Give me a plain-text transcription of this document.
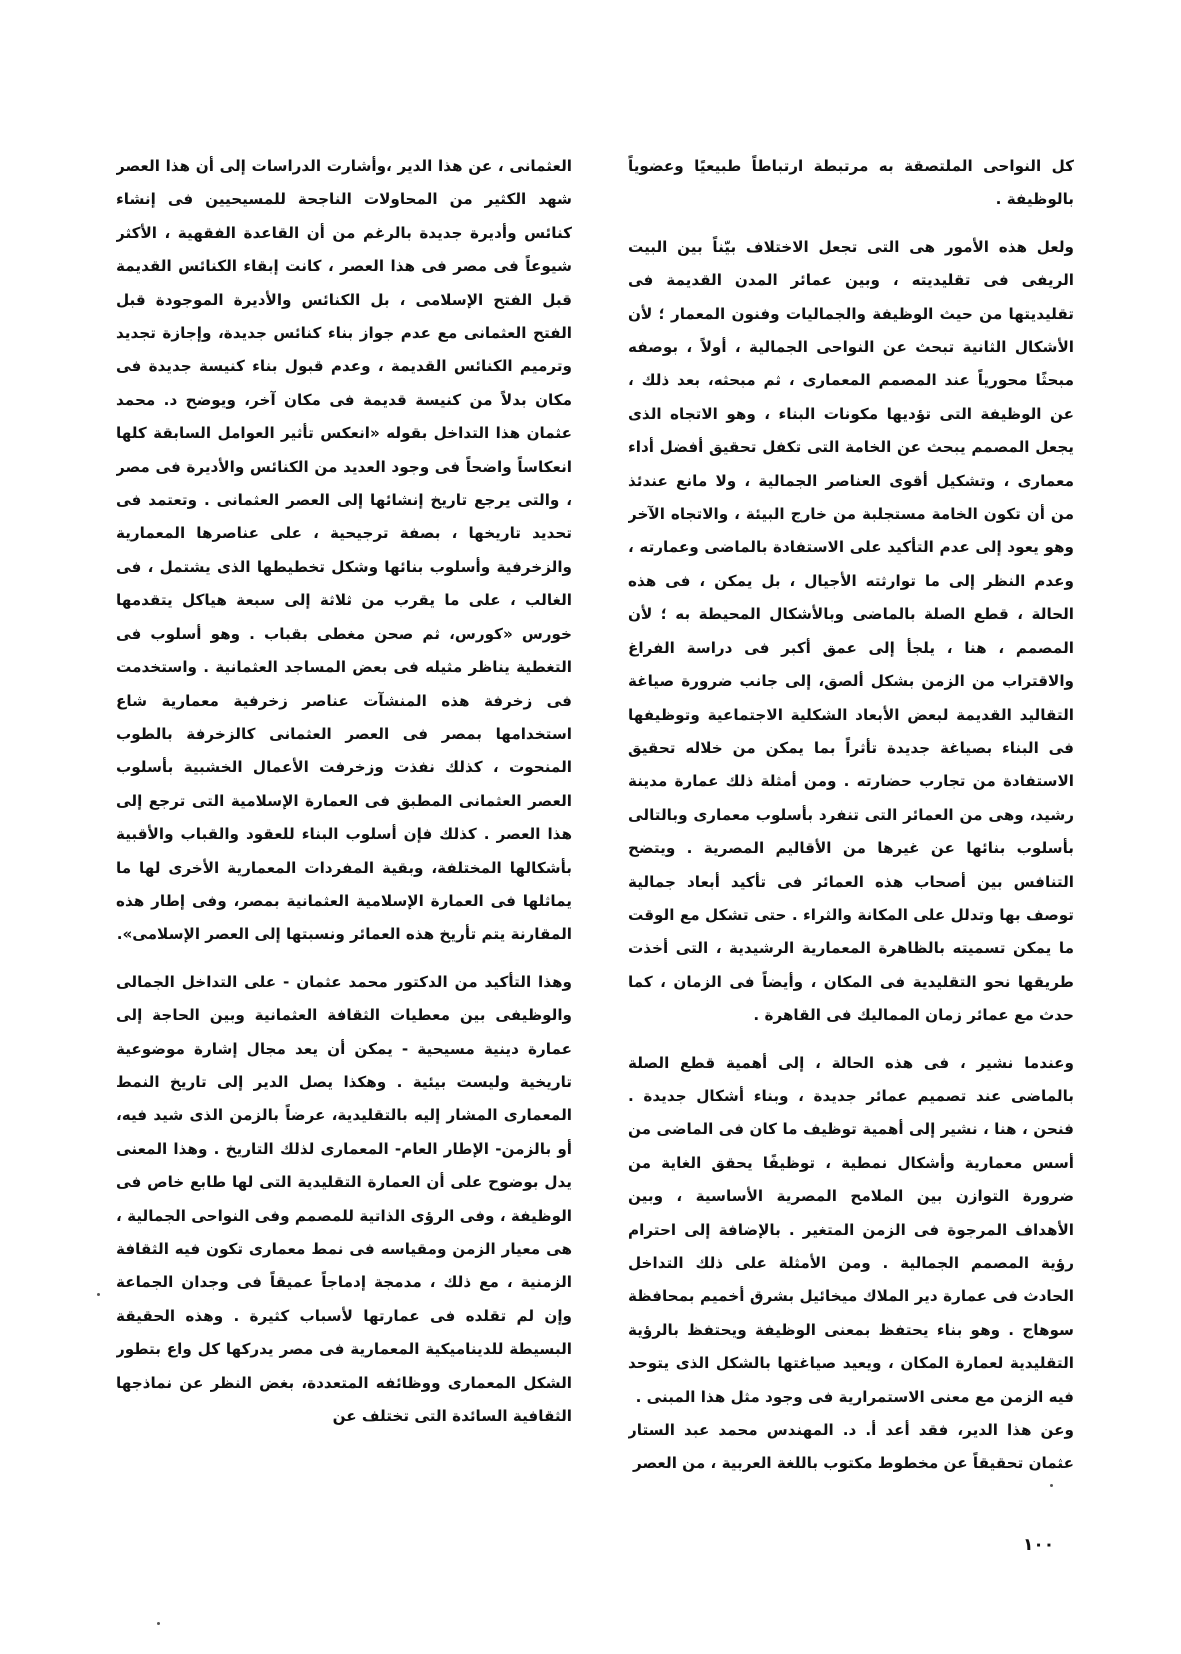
كل النواحى الملتصقة به مرتبطة ارتباطاً طبيعيًا وعضوياً بالوظيفة .

ولعل هذه الأمور هى التى تجعل الاختلاف بيّناً بين البيت الريفى فى تقليديته ، وبين عمائر المدن القديمة فى تقليديتها من حيث الوظيفة والجماليات وفنون المعمار ؛ لأن الأشكال الثانية تبحث عن النواحى الجمالية ، أولاً ، بوصفه مبحثًا محورياً عند المصمم المعمارى ، ثم مبحثه، بعد ذلك ، عن الوظيفة التى تؤديها مكونات البناء ، وهو الاتجاه الذى يجعل المصمم يبحث عن الخامة التى تكفل تحقيق أفضل أداء معمارى ، وتشكيل أقوى العناصر الجمالية ، ولا مانع عندئذ من أن تكون الخامة مستجلبة من خارج البيئة ، والاتجاه الآخر وهو يعود إلى عدم التأكيد على الاستفادة بالماضى وعمارته ، وعدم النظر إلى ما توارثته الأجيال ، بل يمكن ، فى هذه الحالة ، قطع الصلة بالماضى وبالأشكال المحيطة به ؛ لأن المصمم ، هنا ، يلجأ إلى عمق أكبر فى دراسة الفراغ والاقتراب من الزمن بشكل ألصق، إلى جانب ضرورة صياغة التقاليد القديمة لبعض الأبعاد الشكلية الاجتماعية وتوظيفها فى البناء بصياغة جديدة تأثراً بما يمكن من خلاله تحقيق الاستفادة من تجارب حضارته . ومن أمثلة ذلك عمارة مدينة رشيد، وهى من العمائر التى تنفرد بأسلوب معمارى وبالتالى بأسلوب بنائها عن غيرها من الأقاليم المصرية . ويتضح التنافس بين أصحاب هذه العمائر فى تأكيد أبعاد جمالية توصف بها وتدلل على المكانة والثراء . حتى تشكل مع الوقت ما يمكن تسميته بالظاهرة المعمارية الرشيدية ، التى أخذت طريقها نحو التقليدية فى المكان ، وأيضاً فى الزمان ، كما حدث مع عمائر زمان المماليك فى القاهرة .

وعندما نشير ، فى هذه الحالة ، إلى أهمية قطع الصلة بالماضى عند تصميم عمائر جديدة ، وبناء أشكال جديدة . فنحن ، هنا ، نشير إلى أهمية توظيف ما كان فى الماضى من أسس معمارية وأشكال نمطية ، توظيفًا يحقق الغاية من ضرورة التوازن بين الملامح المصرية الأساسية ، وبين الأهداف المرجوة فى الزمن المتغير . بالإضافة إلى احترام رؤية المصمم الجمالية . ومن الأمثلة على ذلك التداخل الحادث فى عمارة دير الملاك ميخائيل بشرق أخميم بمحافظة سوهاج . وهو بناء يحتفظ بمعنى الوظيفة ويحتفظ بالرؤية التقليدية لعمارة المكان ، ويعيد صياغتها بالشكل الذى يتوحد فيه الزمن مع معنى الاستمرارية فى وجود مثل هذا المبنى .

وعن هذا الدير، فقد أعد أ. د. المهندس محمد عبد الستار عثمان تحقيقاً عن مخطوط مكتوب باللغة العربية ، من العصر

العثمانى ، عن هذا الدير ،وأشارت الدراسات إلى أن هذا العصر شهد الكثير من المحاولات الناجحة للمسيحيين فى إنشاء كنائس وأديرة جديدة بالرغم من أن القاعدة الفقهية ، الأكثر شيوعاً فى مصر فى هذا العصر ، كانت إبقاء الكنائس القديمة قبل الفتح الإسلامى ، بل الكنائس والأديرة الموجودة قبل الفتح العثمانى مع عدم جواز بناء كنائس جديدة، وإجازة تجديد وترميم الكنائس القديمة ، وعدم قبول بناء كنيسة جديدة فى مكان بدلاً من كنيسة قديمة فى مكان آخر، ويوضح د. محمد عثمان هذا التداخل بقوله «انعكس تأثير العوامل السابقة كلها انعكاساً واضحاً فى وجود العديد من الكنائس والأديرة فى مصر ، والتى يرجع تاريخ إنشائها إلى العصر العثمانى . وتعتمد فى تحديد تاريخها ، بصفة ترجيحية ، على عناصرها المعمارية والزخرفية وأسلوب بنائها وشكل تخطيطها الذى يشتمل ، فى الغالب ، على ما يقرب من ثلاثة إلى سبعة هياكل يتقدمها خورس «كورس، ثم صحن مغطى بقباب . وهو أسلوب فى التغطية يناظر مثيله فى بعض المساجد العثمانية . واستخدمت فى زخرفة هذه المنشآت عناصر زخرفية معمارية شاع استخدامها بمصر فى العصر العثمانى كالزخرفة بالطوب المنحوت ، كذلك نفذت وزخرفت الأعمال الخشبية بأسلوب العصر العثمانى المطبق فى العمارة الإسلامية التى ترجع إلى هذا العصر . كذلك فإن أسلوب البناء للعقود والقباب والأقبية بأشكالها المختلفة، وبقية المفردات المعمارية الأخرى لها ما يماثلها فى العمارة الإسلامية العثمانية بمصر، وفى إطار هذه المقارنة يتم تأريخ هذه العمائر ونسبتها إلى العصر الإسلامى».

وهذا التأكيد من الدكتور محمد عثمان - على التداخل الجمالى والوظيفى بين معطيات الثقافة العثمانية وبين الحاجة إلى عمارة دينية مسيحية - يمكن أن يعد مجال إشارة موضوعية تاريخية وليست بيئية . وهكذا يصل الدير إلى تاريخ النمط المعمارى المشار إليه بالتقليدية، عرضاً بالزمن الذى شيد فيه، أو بالزمن- الإطار العام- المعمارى لذلك التاريخ . وهذا المعنى يدل بوضوح على أن العمارة التقليدية التى لها طابع خاص فى الوظيفة ، وفى الرؤى الذاتية للمصمم وفى النواحى الجمالية ، هى معيار الزمن ومقياسه فى نمط معمارى تكون فيه الثقافة الزمنية ، مع ذلك ، مدمجة إدماجاً عميقاً فى وجدان الجماعة وإن لم تقلده فى عمارتها لأسباب كثيرة . وهذه الحقيقة البسيطة للديناميكية المعمارية فى مصر يدركها كل واع بتطور الشكل المعمارى ووظائفه المتعددة، بغض النظر عن نماذجها الثقافية السائدة التى تختلف عن

١٠٠
